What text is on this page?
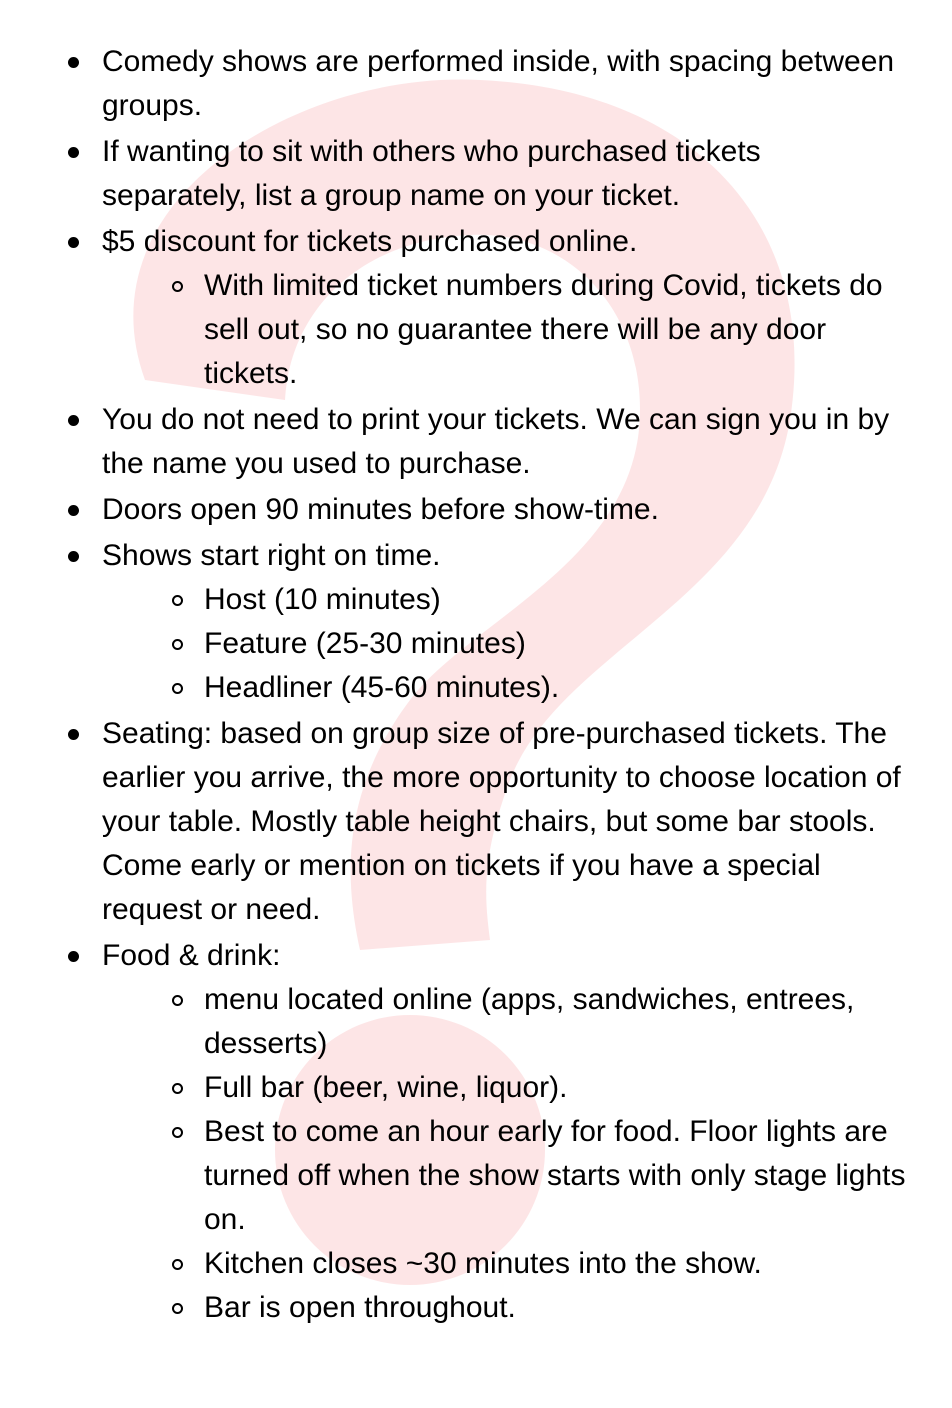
Comedy shows are performed inside, with spacing between groups.
If wanting to sit with others who purchased tickets separately, list a group name on your ticket.
$5 discount for tickets purchased online.
With limited ticket numbers during Covid, tickets do sell out, so no guarantee there will be any door tickets.
You do not need to print your tickets. We can sign you in by the name you used to purchase.
Doors open 90 minutes before show-time.
Shows start right on time.
Host (10 minutes)
Feature (25-30 minutes)
Headliner (45-60 minutes).
Seating: based on group size of pre-purchased tickets. The earlier you arrive, the more opportunity to choose location of your table. Mostly table height chairs, but some bar stools. Come early or mention on tickets if you have a special request or need.
Food & drink:
menu located online (apps, sandwiches, entrees, desserts)
Full bar (beer, wine, liquor).
Best to come an hour early for food. Floor lights are turned off when the show starts with only stage lights on.
Kitchen closes ~30 minutes into the show.
Bar is open throughout.
